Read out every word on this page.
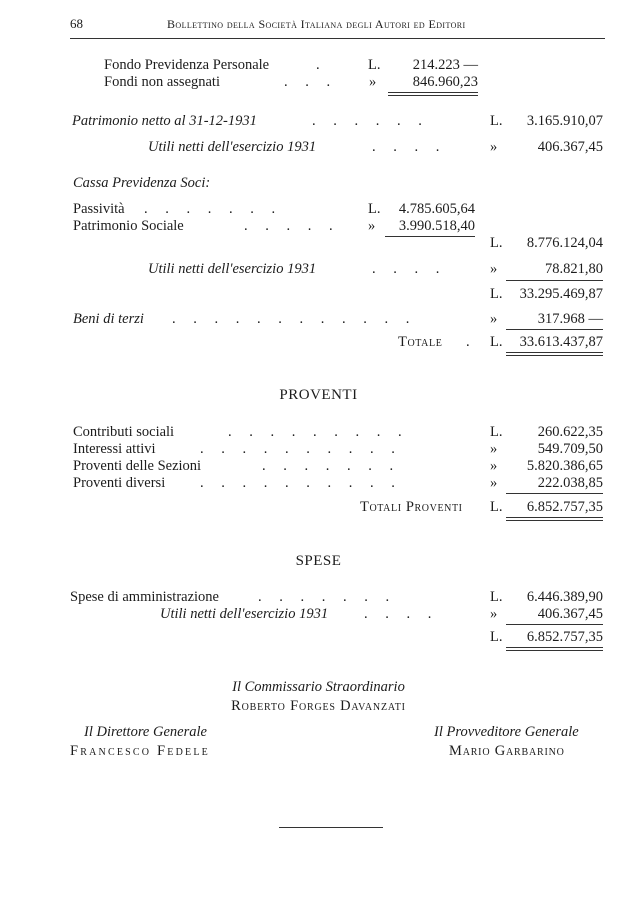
68	Bollettino della Società Italiana degli Autori ed Editori
Fondo Previdenza Personale	.	L.	214.223 —
Fondi non assegnati	. . . »	846.960,23
Patrimonio netto al 31-12-1931	. . . . . .	L.	3.165.910,07
Utili netti dell'esercizio 1931	. . . .	»	406.367,45
Cassa Previdenza Soci:
Passività . . . . . . .	L.	4.785.605,64
Patrimonio Sociale	. . . . . »	3.990.518,40
L.	8.776.124,04
Utili netti dell'esercizio 1931	. . . .	»	78.821,80
L.	33.295.469,87
Beni di terzi . . . . . . . . . . . .	»	317.968 —
Totale . L.	33.613.437,87
PROVENTI
Contributi sociali	. . . . . . . . .	L.	260.622,35
Interessi attivi	. . . . . . . . . .	»	549.709,50
Proventi delle Sezioni	. . . . . . .	»	5.820.386,65
Proventi diversi . . . . . . . . . .	»	222.038,85
Totali Proventi L.	6.852.757,35
SPESE
Spese di amministrazione	. . . . . . .	L.	6.446.389,90
Utili netti dell'esercizio 1931 . . . .	»	406.367,45
L.	6.852.757,35
Il Commissario Straordinario
Roberto Forges Davanzati
Il Direttore Generale
Francesco Fedele
Il Provveditore Generale
Mario Garbarino
